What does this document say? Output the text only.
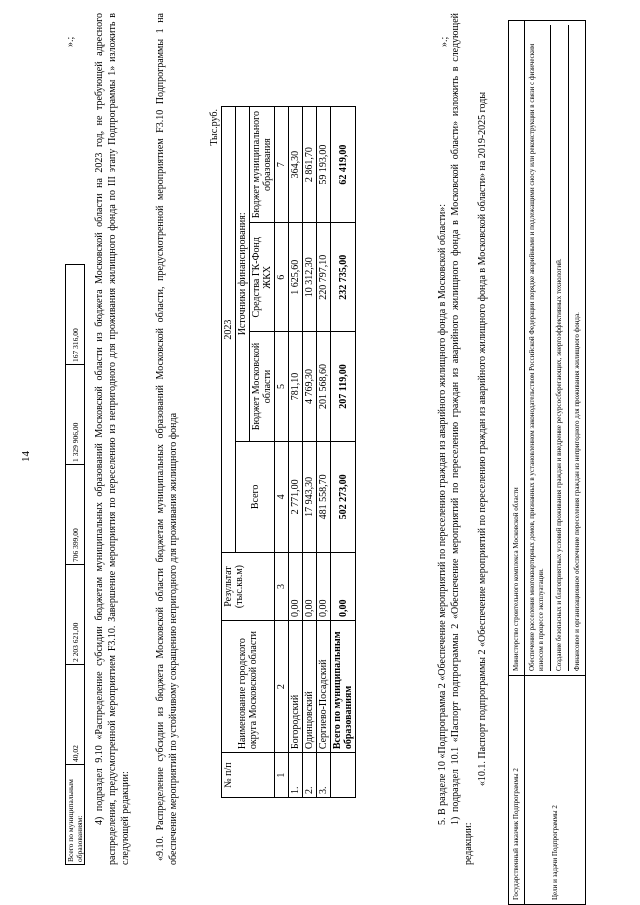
14
Всего по муниципальным образованиям:	40,02	2 203 621,00	706 399,00	1 329 906,00	167 316,00
».; 4) подраздел 9.10 «Распределение субсидии бюджетам муниципальных образований Московской области из бюджета Московской области на 2023 год, не требующей адресного распределения, предусмотренной мероприятием F3.10. Завершение мероприятия по переселению из непригодного для проживания жилищного фонда по III этапу Подпрограммы 1» изложить в следующей редакции: «9.10. Распределение субсидии из бюджета Московской области бюджетам муниципальных образований Московской области, предусмотренной мероприятием F3.10 Подпрограммы 1 на обеспечение мероприятий по устойчивому сокращению непригодного для проживания жилищного фонда

Тыс.руб.
№ п/п	Наименование городского округа Московской области	Результат (тыс.кв.м)	2023			
			Всего	Источники финансирования:		
				Бюджет Московской области	Средства ГК-Фонд ЖКХ	Бюджет муниципального образования
1	2	3	4	5	6	7
1.	Богородский	0,00	2 771,00	781,10	1 625,60	364,30
2.	Одинцовский	0,00	17 943,30	4 769,30	10 312,30	2 861,70
3.	Сергиево-Посадский	0,00	481 558,70	201 568,60	220 797,10	59 193,00
	Всего по муниципальным образованиям	0,00	502 273,00	207 119,00	232 735,00	62 419,00
».;

5. В разделе 10 «Подпрограмма 2 «Обеспечение мероприятий по переселению граждан из аварийного жилищного фонда в Московской области»: 1) подраздел 10.1 «Паспорт подпрограммы 2 «Обеспечение мероприятий по переселению граждан из аварийного жилищного фонда в Московской области» изложить в следующей редакции:

«10.1. Паспорт подпрограммы 2 «Обеспечение мероприятий по переселению граждан из аварийного жилищного фонда в Московской области» на 2019-2025 годы

Государственный заказчик Подпрограммы 2	Министерство строительного комплекса Московской области
Цели и задачи Подпрограммы 2	Обеспечение расселения многоквартирных домов, признанных в установленном законодательством Российской Федерации порядке аварийными и подлежащими сносу или реконструкции в связи с физическим износом в процессе эксплуатации. Создание безопасных и благоприятных условий проживания граждан и внедрение ресурсосберегающих, энергоэффективных технологий. Финансовое и организационное обеспечение переселения граждан из непригодного для проживания жилищного фонда.
